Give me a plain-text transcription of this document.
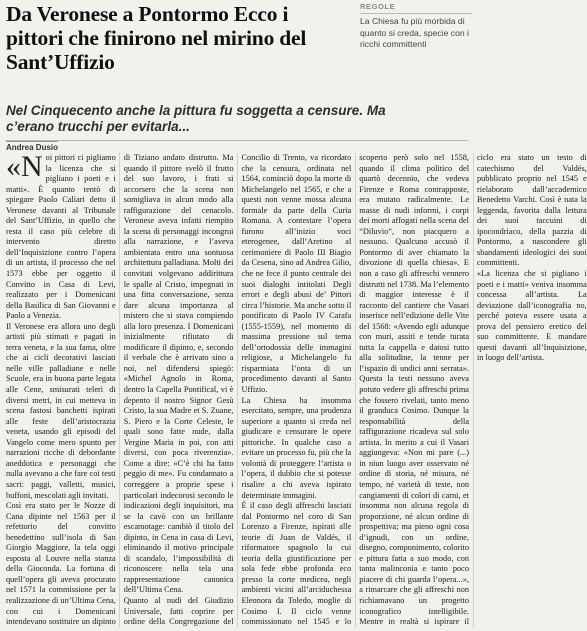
Da Veronese a Pontormo Ecco i pittori che finirono nel mirino del Sant’Uffizio
REGOLE
La Chiesa fu più morbida di quanto si creda, specie con i ricchi committenti
Nel Cinquecento anche la pittura fu soggetta a censure. Ma c’erano trucchi per evitarla...
Andrea Dusio

«Noi pittori ci pigliamo la licenza che si pigliano i poeti e i matti». È quanto tentò di spiegare Paolo Caliari detto il Veronese davanti al Tribunale del Sant’Uffizio, in quello che resta il caso più celebre di intervento diretto dell’Inquisizione contro l’opera di un artista, il processo che nel 1573 ebbe per oggetto il Convitto in Casa di Levi, realizzato per i Domenicani della Basilica di San Giovanni e Paolo a Venezia.

Il Veronese era allora uno degli artisti più stimati e pagati in terra veneta, e la sua fama, oltre che ai cicli decorativi lasciati nelle ville palladiane e nelle Scuole, era in buona parte legata alle Cene, smisurati teleri di diversi metri, in cui metteva in scena fastosi banchetti ispirati alle feste dell’aristocrazia veneta, usando gli episodi del Vangelo come mero spunto per narrazioni ricche di debordante aneddotica e personaggi che nulla avevano a che fare coi testi sacri: paggi, valletti, musici, buffoni, mescolati agli invitati.

Così era stato per le Nozze di Cana dipinte nel 1563 per il refettorio del convitto benedettino sull’isola di San Giorgio Maggiore, la tela oggi esposta al Louvre nella stanza della Gioconda. La fortuna di quell’opera gli aveva procurato nel 1571 la commissione per la realizzazione di un’Ultima Cena, con cui i Domenicani intendevano sostituire un dipinto di Tiziano andato distrutto. Ma quando il pittore svelò il frutto del suo lavoro, i frati si accorsero che la scena non somigliava in alcun modo alla raffigurazione del cenacolo. Veronese aveva infatti riempito la scena di personaggi incongrui alla narrazione, e l’aveva ambientata entro una sontuosa architettura palladiana. Molti dei convitati volgevano addirittura le spalle al Cristo, impegnati in una fitta conversazione, senza dare alcuna importanza al mistero che si stava compiendo alla loro presenza. I Domenicani inizialmente rifiutato di modificare il dipinto, e, secondo il verbale che è arrivato sino a noi, nel difendersi spiegò: «Michel Agnolo in Roma, dentro la Capella Pontifical, vi è depento il nostro Signor Gesù Cristo, la sua Madre et S. Zuane, S. Piero e la Corte Celeste, le quali sono fatte nude, dalla Vergine Maria in poi, con atti diversi, con poca riverenzia». Come a dire: «C’è chi ha fatto peggio di me». Fu condannato a correggere a proprie spese i particolari indecorosi secondo le indicazioni degli inquisitori, ma se la cavò con un brillante escamotage: cambiò il titolo del dipinto, in Cena in casa di Levi, eliminando il motivo principale di scandalo, l’impossibilità di riconoscere nella tela una rappresentazione canonica dell’Ultima Cena.

Quanto al nudi del Giudizio Universale, fatti coprire per ordine della Congregazione del Concilio di Trento, va ricordato che la censura, ordinata nel 1564, cominciò dopo la morte di Michelangelo nel 1565, e che a questi non venne mossa alcuna formale da parte della Curia Romana. A contestare l’opera furono all’inizio voci eterogenee, dall’Aretino al cerimoniere di Paolo III Biagio da Cesena, sino ad Andrea Gilio, che ne fece il punto centrale dei suoi dialoghi intitolati Degli errori e degli abusi de’ Pittori circa l’historie. Ma anche sotto il pontificato di Paolo IV Carafa (1555-1559), nel momento di massima pressione sul tema dell’ortodossia delle immagini religiose, a Michelangelo fu risparmiata l’onta di un procedimento davanti al Santo Uffizio.

La Chiesa ha insomma esercitato, sempre, una prudenza superiore a quanto si creda nel giudicare e censurare le opere pittoriche. In qualche caso a evitare un processo fu, più che la volontà di proteggere l’artista o l’opera, il dubbio che si potesse risalire a chi aveva ispirato determinate immagini.

È il caso degli affreschi lasciati dal Pontormo nel coro di San Lorenzo a Firenze, ispirati alle teorie di Juan de Valdés, il riformatore spagnolo la cui teoria della giustificazione per sola fede ebbe profonda eco presso la corte medicea, negli ambienti vicini all’arciduchessa Eleonora da Toledo, moglie di Cosimo I. Il ciclo venne commissionato nel 1545 e lo scoperto però solo nel 1558, quando il clima politico del quartò decennio, che vedeva Firenze e Roma contrapposte, era mutato radicalmente. Le masse di nudi informi, i corpi dei morti affogati nella scena del “Diluvio”, non piacquero a nessuno. Qualcuno accusò il Pontormo di aver chiamato la divozione di quella chiesa». E non a caso gli affreschi vennero distrutti nel 1738. Ma l’elemento di maggior interesse è il racconto del cantiere che Vasari inserisce nell’edizione delle Vite del 1568: «Avendo egli adunque con muri, assiti e tende turata tutta la cappella e datosi tutto alla solitudine, la tenne per l’ispazio di undici anni serrata». Questa la testi nessuno aveva potuto vedere gli affreschi prima che fossero rivelati, tanto meno il granduca Cosimo. Dunque la responsabilità della raffigurazione ricadeva sul solo artista. In merito a cui il Vasari aggiungeva: «Non mi pare (...) in niun luogo aver osservato né ordine di storia, né misura, né tempo, né varietà di teste, non cangiamenti di colori di carni, et insomma non alcuna regola di proporzione, né alcun ordine di prospettiva; ma pieno ogni cosa d’ignudi, con un ordine, disegno, componimento, colorito e pittura fatta a suo modo, con tanta malinconia e tanto poco piacere di chi guarda l’opera...», a rimarcare che gli affreschi non richiamavano un progetto iconografico intelligibile. Mentre in realtà si ispirare il ciclo era stato un testo di catechismo del Valdés, pubblicato proprio nel 1545 e rielaborato dall’accademico Benedetto Varchi. Così è nata la leggenda, favorita dalla lettura dei suoi taccuini di ipocondriaco, della pazzia di Pontormo, a nascondere gli sbandamenti ideologici dei suoi committenti.

«La licenza che si pigliano i poeti e i matti» veniva insomma concessa all’artista. La deviazione dall’iconografia no, perché poteva essere usata a prova del pensiero eretico del suo committente. E mandare questi davanti all’Inquisizione, in luogo dell’artista.
